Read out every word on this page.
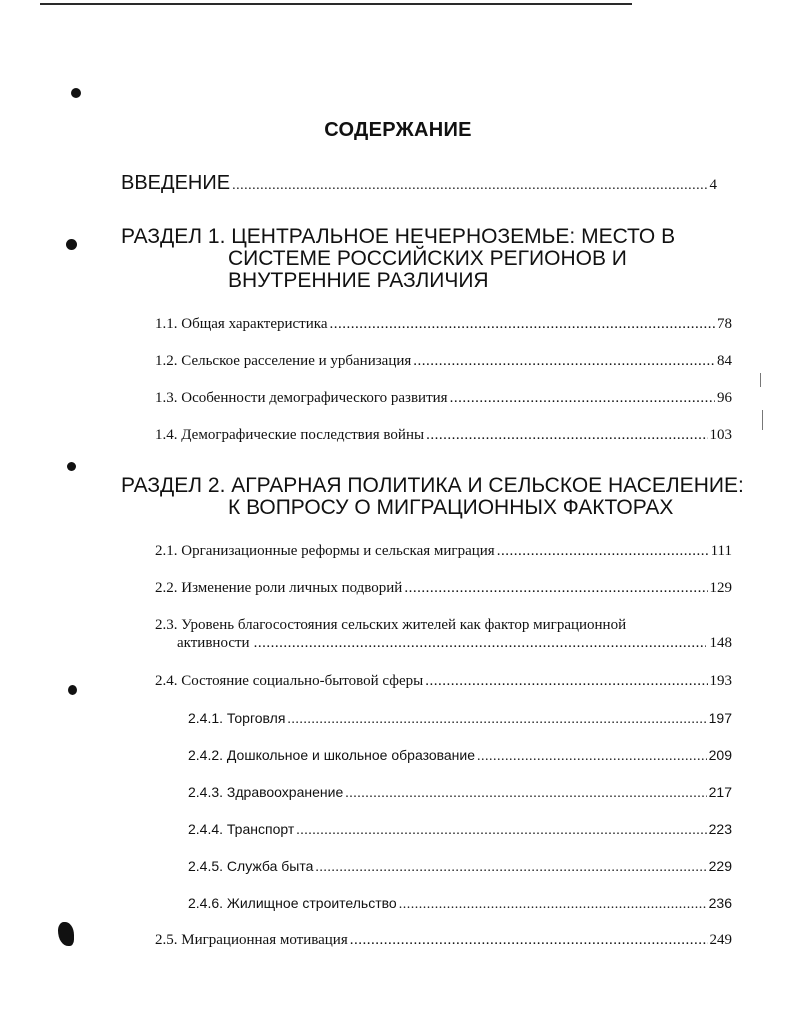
СОДЕРЖАНИЕ
ВВЕДЕНИЕ .....	4
РАЗДЕЛ 1. ЦЕНТРАЛЬНОЕ НЕЧЕРНОЗЕМЬЕ: МЕСТО В
СИСТЕМЕ РОССИЙСКИХ РЕГИОНОВ И
ВНУТРЕННИЕ РАЗЛИЧИЯ
1.1. Общая характеристика .....	78
1.2. Сельское расселение и урбанизация .....	84
1.3. Особенности демографического развития .....	96
1.4. Демографические последствия войны .....	103
РАЗДЕЛ 2. АГРАРНАЯ ПОЛИТИКА И СЕЛЬСКОЕ НАСЕЛЕНИЕ:
К ВОПРОСУ О МИГРАЦИОННЫХ ФАКТОРАХ
2.1. Организационные реформы и сельская миграция .....	111
2.2. Изменение роли личных подворий .....	129
2.3. Уровень благосостояния сельских жителей как фактор миграционной
активности .....	148
2.4. Состояние социально-бытовой сферы .....	193
2.4.1. Торговля .....	197
2.4.2. Дошкольное и школьное образование .....	209
2.4.3. Здравоохранение .....	217
2.4.4. Транспорт .....	223
2.4.5. Служба быта .....	229
2.4.6. Жилищное строительство .....	236
2.5. Миграционная мотивация .....	249
